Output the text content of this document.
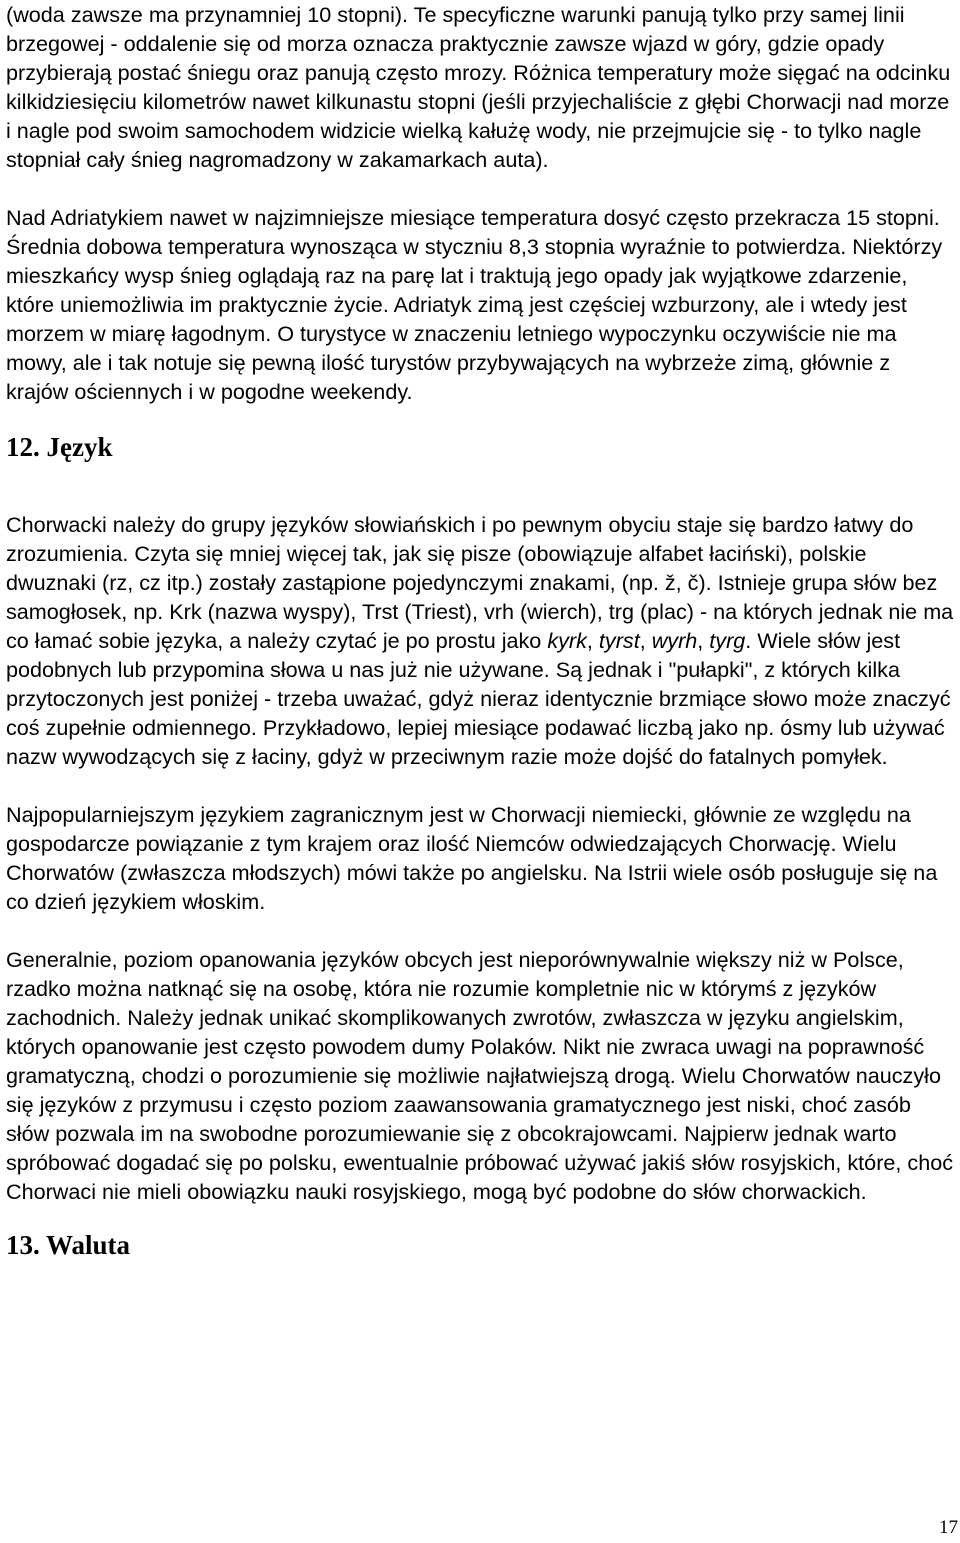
(woda zawsze ma przynamniej 10 stopni). Te specyficzne warunki panują tylko przy samej linii brzegowej - oddalenie się od morza oznacza praktycznie zawsze wjazd w góry, gdzie opady przybierają postać śniegu oraz panują często mrozy. Różnica temperatury może sięgać na odcinku kilkidziesięciu kilometrów nawet kilkunastu stopni (jeśli przyjechaliście z głębi Chorwacji nad morze i nagle pod swoim samochodem widzicie wielką kałużę wody, nie przejmujcie się - to tylko nagle stopniał cały śnieg nagromadzony w zakamarkach auta).

Nad Adriatykiem nawet w najzimniejsze miesiące temperatura dosyć często przekracza 15 stopni. Średnia dobowa temperatura wynosząca w styczniu 8,3 stopnia wyraźnie to potwierdza. Niektórzy mieszkańcy wysp śnieg oglądają raz na parę lat i traktują jego opady jak wyjątkowe zdarzenie, które uniemożliwia im praktycznie życie. Adriatyk zimą jest częściej wzburzony, ale i wtedy jest morzem w miarę łagodnym. O turystyce w znaczeniu letniego wypoczynku oczywiście nie ma mowy, ale i tak notuje się pewną ilość turystów przybywających na wybrzeże zimą, głównie z krajów ościennych i w pogodne weekendy.

12. Język

Chorwacki należy do grupy języków słowiańskich i po pewnym obyciu staje się bardzo łatwy do zrozumienia. Czyta się mniej więcej tak, jak się pisze (obowiązuje alfabet łaciński), polskie dwuznaki (rz, cz itp.) zostały zastąpione pojedynczymi znakami, (np. ž, č). Istnieje grupa słów bez samogłosek, np. Krk (nazwa wyspy), Trst (Triest), vrh (wierch), trg (plac) - na których jednak nie ma co łamać sobie języka, a należy czytać je po prostu jako kyrk, tyrst, wyrh, tyrg. Wiele słów jest podobnych lub przypomina słowa u nas już nie używane. Są jednak i "pułapki", z których kilka przytoczonych jest poniżej - trzeba uważać, gdyż nieraz identycznie brzmiące słowo może znaczyć coś zupełnie odmiennego. Przykładowo, lepiej miesiące podawać liczbą jako np. ósmy lub używać nazw wywodzących się z łaciny, gdyż w przeciwnym razie może dojść do fatalnych pomyłek.

Najpopularniejszym językiem zagranicznym jest w Chorwacji niemiecki, głównie ze względu na gospodarcze powiązanie z tym krajem oraz ilość Niemców odwiedzających Chorwację. Wielu Chorwatów (zwłaszcza młodszych) mówi także po angielsku. Na Istrii wiele osób posługuje się na co dzień językiem włoskim.

Generalnie, poziom opanowania języków obcych jest nieporównywalnie większy niż w Polsce, rzadko można natknąć się na osobę, która nie rozumie kompletnie nic w którymś z języków zachodnich. Należy jednak unikać skomplikowanych zwrotów, zwłaszcza w języku angielskim, których opanowanie jest często powodem dumy Polaków. Nikt nie zwraca uwagi na poprawność gramatyczną, chodzi o porozumienie się możliwie najłatwiejszą drogą. Wielu Chorwatów nauczyło się języków z przymusu i często poziom zaawansowania gramatycznego jest niski, choć zasób słów pozwala im na swobodne porozumiewanie się z obcokrajowcami. Najpierw jednak warto spróbować dogadać się po polsku, ewentualnie próbować używać jakiś słów rosyjskich, które, choć Chorwaci nie mieli obowiązku nauki rosyjskiego, mogą być podobne do słów chorwackich.

13. Waluta
17
